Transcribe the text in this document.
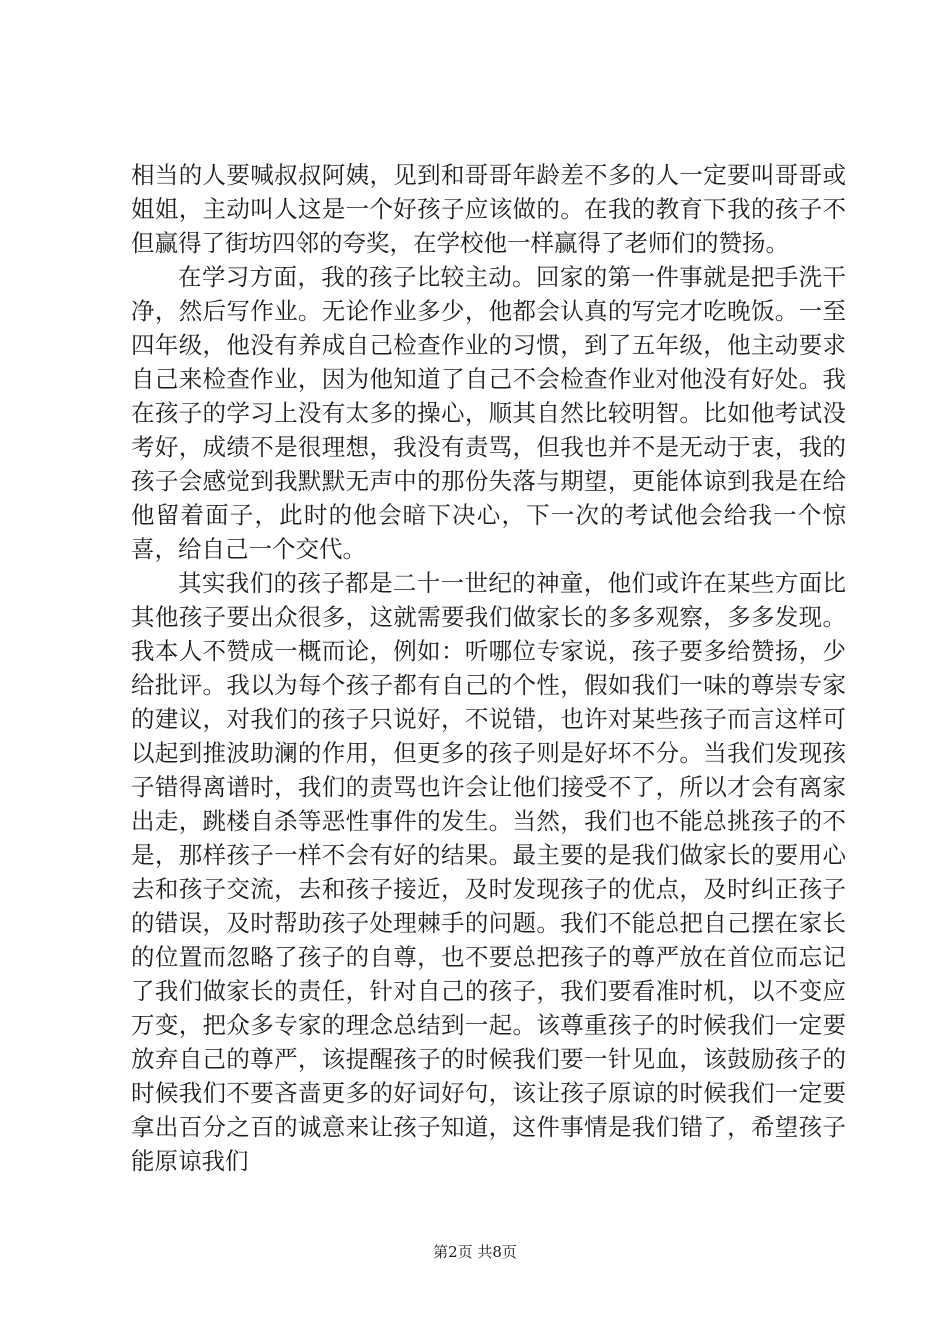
相当的人要喊叔叔阿姨，见到和哥哥年龄差不多的人一定要叫哥哥或姐姐，主动叫人这是一个好孩子应该做的。在我的教育下我的孩子不但赢得了街坊四邻的夸奖，在学校他一样赢得了老师们的赞扬。

在学习方面，我的孩子比较主动。回家的第一件事就是把手洗干净，然后写作业。无论作业多少，他都会认真的写完才吃晚饭。一至四年级，他没有养成自己检查作业的习惯，到了五年级，他主动要求自己来检查作业，因为他知道了自己不会检查作业对他没有好处。我在孩子的学习上没有太多的操心，顺其自然比较明智。比如他考试没考好，成绩不是很理想，我没有责骂，但我也并不是无动于衷，我的孩子会感觉到我默默无声中的那份失落与期望，更能体谅到我是在给他留着面子，此时的他会暗下决心，下一次的考试他会给我一个惊喜，给自己一个交代。

其实我们的孩子都是二十一世纪的神童，他们或许在某些方面比其他孩子要出众很多，这就需要我们做家长的多多观察，多多发现。我本人不赞成一概而论，例如：听哪位专家说，孩子要多给赞扬，少给批评。我以为每个孩子都有自己的个性，假如我们一味的尊崇专家的建议，对我们的孩子只说好，不说错，也许对某些孩子而言这样可以起到推波助澜的作用，但更多的孩子则是好坏不分。当我们发现孩子错得离谱时，我们的责骂也许会让他们接受不了，所以才会有离家出走，跳楼自杀等恶性事件的发生。当然，我们也不能总挑孩子的不是，那样孩子一样不会有好的结果。最主要的是我们做家长的要用心去和孩子交流，去和孩子接近，及时发现孩子的优点，及时纠正孩子的错误，及时帮助孩子处理棘手的问题。我们不能总把自己摆在家长的位置而忽略了孩子的自尊，也不要总把孩子的尊严放在首位而忘记了我们做家长的责任，针对自己的孩子，我们要看准时机，以不变应万变，把众多专家的理念总结到一起。该尊重孩子的时候我们一定要放弃自己的尊严，该提醒孩子的时候我们要一针见血，该鼓励孩子的时候我们不要吝啬更多的好词好句，该让孩子原谅的时候我们一定要拿出百分之百的诚意来让孩子知道，这件事情是我们错了，希望孩子能原谅我们

第2页 共8页
